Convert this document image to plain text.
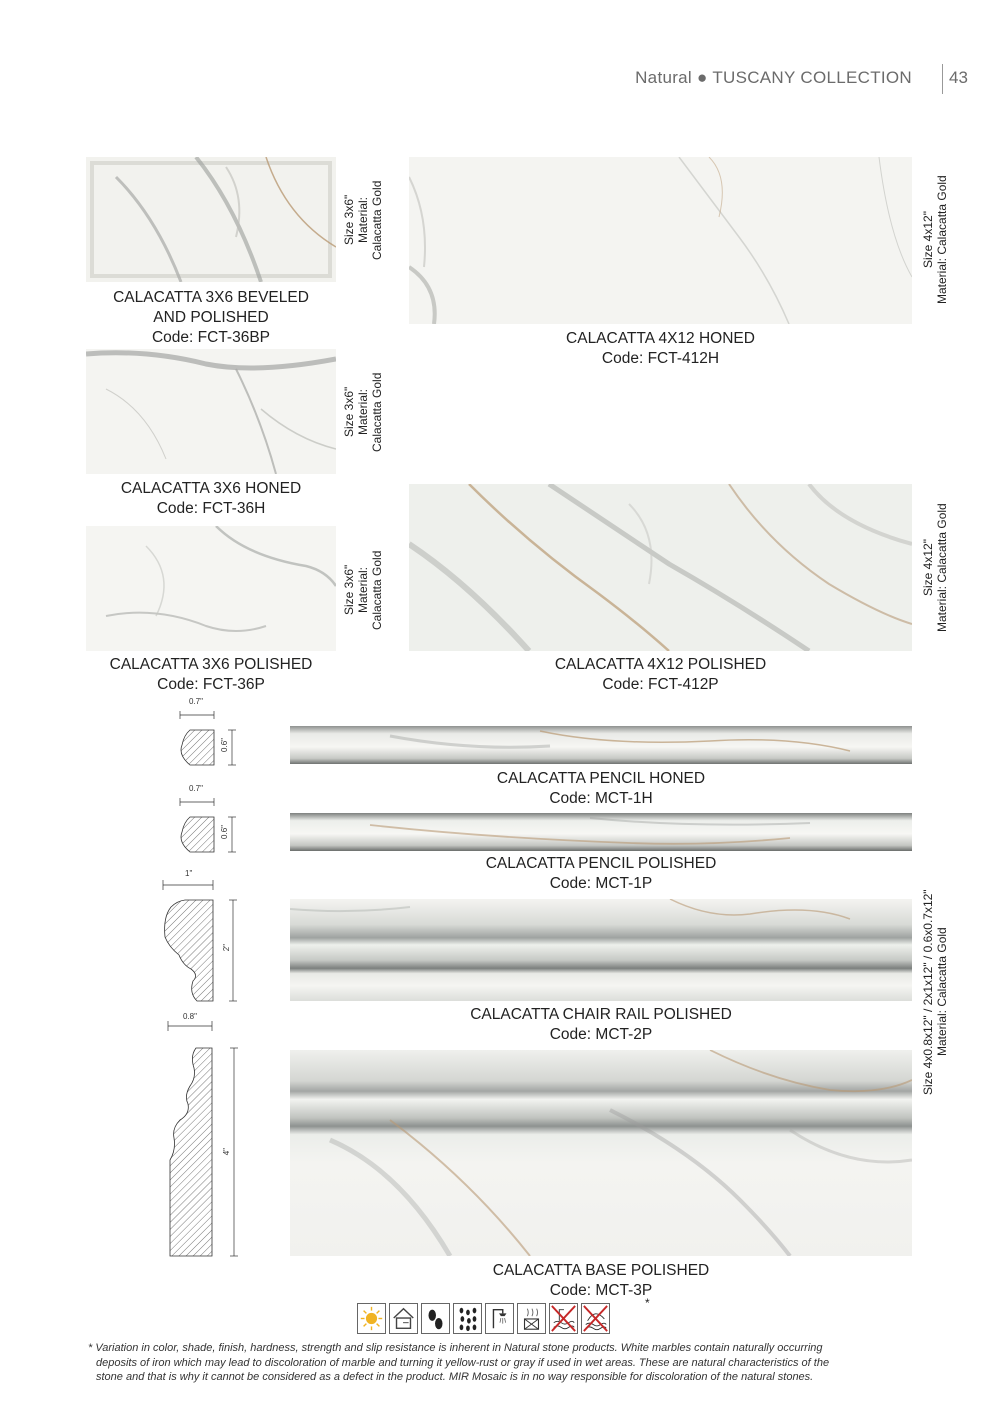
Natural ● TUSCANY COLLECTION 43
Size 3x6"
Material:
Calacatta Gold
CALACATTA 3X6 BEVELED
AND POLISHED
Code: FCT-36BP
Size 3x6"
Material:
Calacatta Gold
CALACATTA 3X6 HONED
Code: FCT-36H
Size 3x6"
Material:
Calacatta Gold
CALACATTA 3X6 POLISHED
Code: FCT-36P
Size 4x12"
Material: Calacatta Gold
CALACATTA 4X12 HONED
Code: FCT-412H
Size 4x12"
Material: Calacatta Gold
CALACATTA 4X12 POLISHED
Code: FCT-412P
0.7"
0.6"
CALACATTA PENCIL HONED
Code: MCT-1H
0.7"
0.6"
CALACATTA PENCIL POLISHED
Code: MCT-1P
1"
2"
CALACATTA CHAIR RAIL POLISHED
Code: MCT-2P
0.8"
4"
CALACATTA BASE POLISHED
Code: MCT-3P
Size 4x0.8x12" / 2x1x12" / 0.6x0.7x12"
Material: Calacatta Gold
*
* Variation in color, shade, finish, hardness, strength and slip resistance is inherent in Natural stone products. White marbles contain naturally occurring
deposits of iron which may lead to discoloration of marble and turning it yellow-rust or gray if used in wet areas. These are natural characteristics of the
stone and that is why it cannot be considered as a defect in the product. MIR Mosaic is in no way responsible for discoloration of the natural stones.
